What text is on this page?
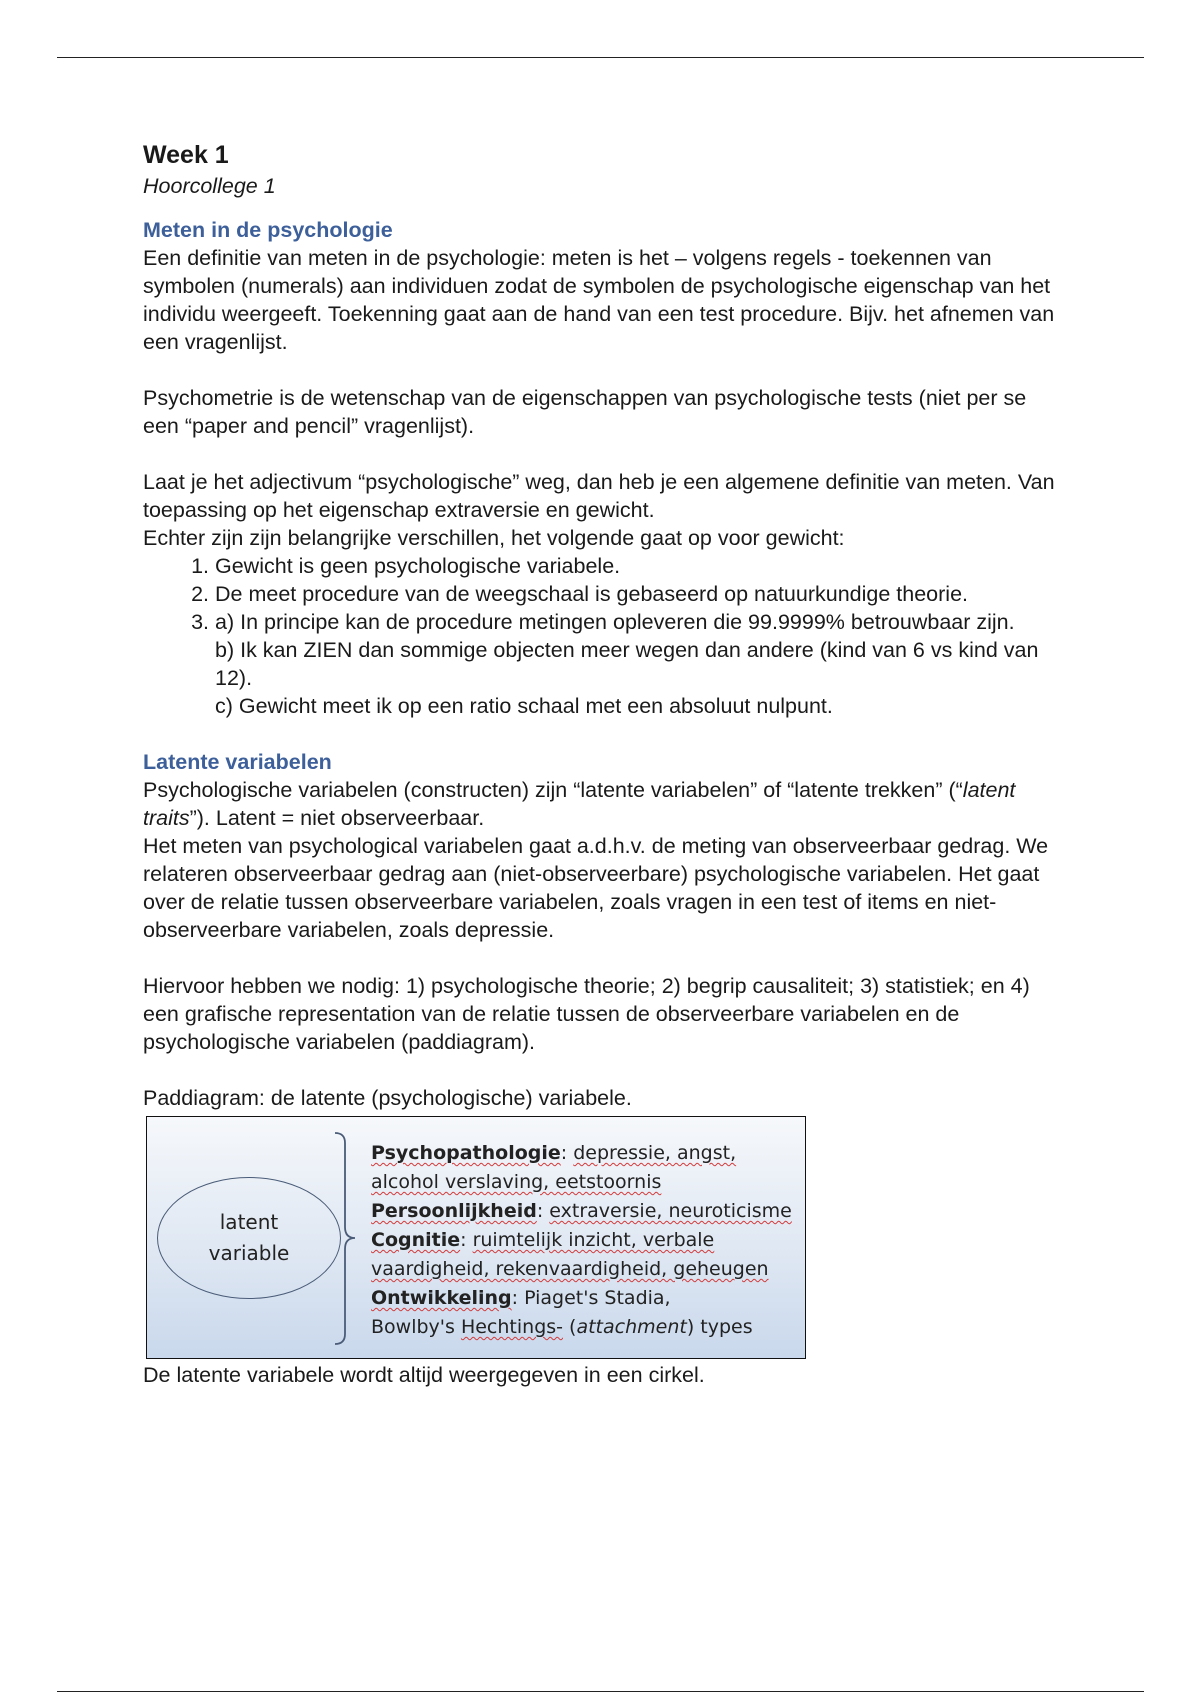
Week 1
Hoorcollege 1
Meten in de psychologie

Een definitie van meten in de psychologie: meten is het – volgens regels - toekennen van symbolen (numerals) aan individuen zodat de symbolen de psychologische eigenschap van het individu weergeeft. Toekenning gaat aan de hand van een test procedure. Bijv. het afnemen van een vragenlijst.

Psychometrie is de wetenschap van de eigenschappen van psychologische tests (niet per se een “paper and pencil” vragenlijst).

Laat je het adjectivum “psychologische” weg, dan heb je een algemene definitie van meten. Van toepassing op het eigenschap extraversie en gewicht.

Echter zijn zijn belangrijke verschillen, het volgende gaat op voor gewicht:

1. Gewicht is geen psychologische variabele.
2. De meet procedure van de weegschaal is gebaseerd op natuurkundige theorie.
3. a) In principe kan de procedure metingen opleveren die 99.9999% betrouwbaar zijn.
b) Ik kan ZIEN dan sommige objecten meer wegen dan andere (kind van 6 vs kind van 12).
c) Gewicht meet ik op een ratio schaal met een absoluut nulpunt.
Latente variabelen

Psychologische variabelen (constructen) zijn “latente variabelen” of “latente trekken” (“latent traits”). Latent = niet observeerbaar.

Het meten van psychological variabelen gaat a.d.h.v. de meting van observeerbaar gedrag. We relateren observeerbaar gedrag aan (niet-observeerbare) psychologische variabelen. Het gaat over de relatie tussen observeerbare variabelen, zoals vragen in een test of items en niet-observeerbare variabelen, zoals depressie.

Hiervoor hebben we nodig: 1) psychologische theorie; 2) begrip causaliteit; 3) statistiek; en 4) een grafische representation van de relatie tussen de observeerbare variabelen en de psychologische variabelen (paddiagram).

Paddiagram: de latente (psychologische) variabele.

latent
variable
Psychopathologie: depressie, angst, alcohol verslaving, eetstoornis
Persoonlijkheid: extraversie, neuroticisme
Cognitie: ruimtelijk inzicht, verbale vaardigheid, rekenvaardigheid, geheugen
Ontwikkeling: Piaget's Stadia,
Bowlby's Hechtings- (attachment) types

De latente variabele wordt altijd weergegeven in een cirkel.
